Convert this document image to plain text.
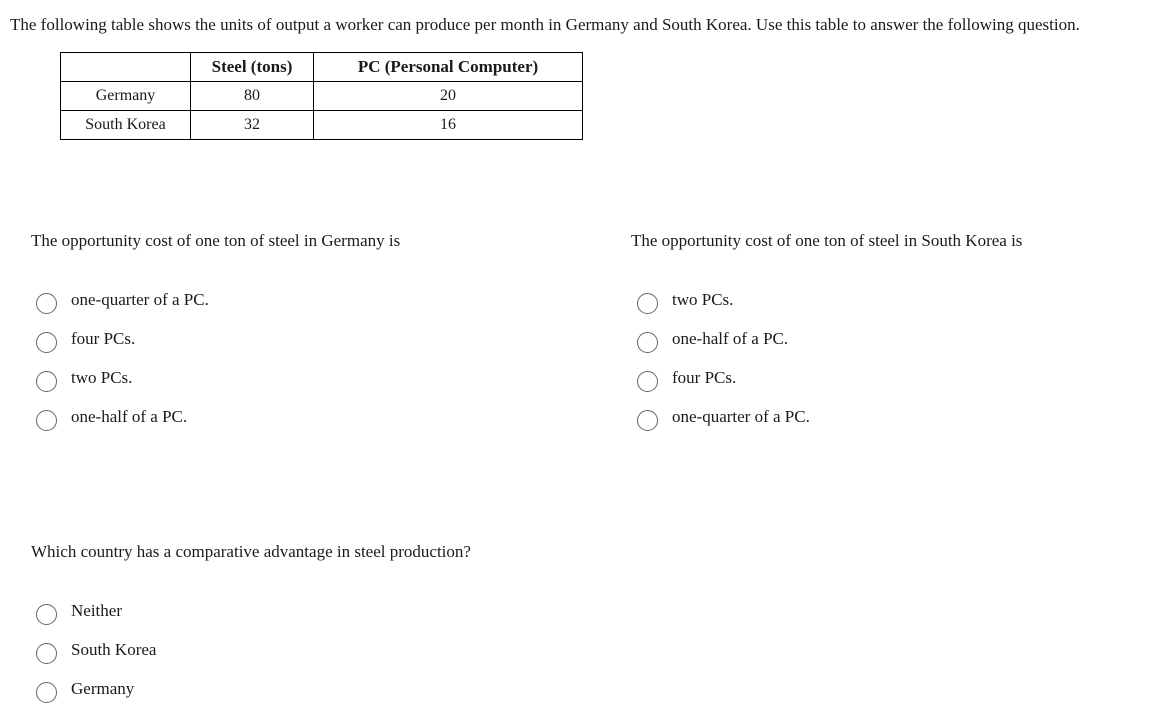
The following table shows the units of output a worker can produce per month in Germany and South Korea. Use this table to answer the following question.
	Steel (tons)	PC (Personal Computer)
Germany	80	20
South Korea	32	16
The opportunity cost of one ton of steel in Germany is
one-quarter of a PC.
four PCs.
two PCs.
one-half of a PC.
The opportunity cost of one ton of steel in South Korea is
two PCs.
one-half of a PC.
four PCs.
one-quarter of a PC.
Which country has a comparative advantage in steel production?
Neither
South Korea
Germany
